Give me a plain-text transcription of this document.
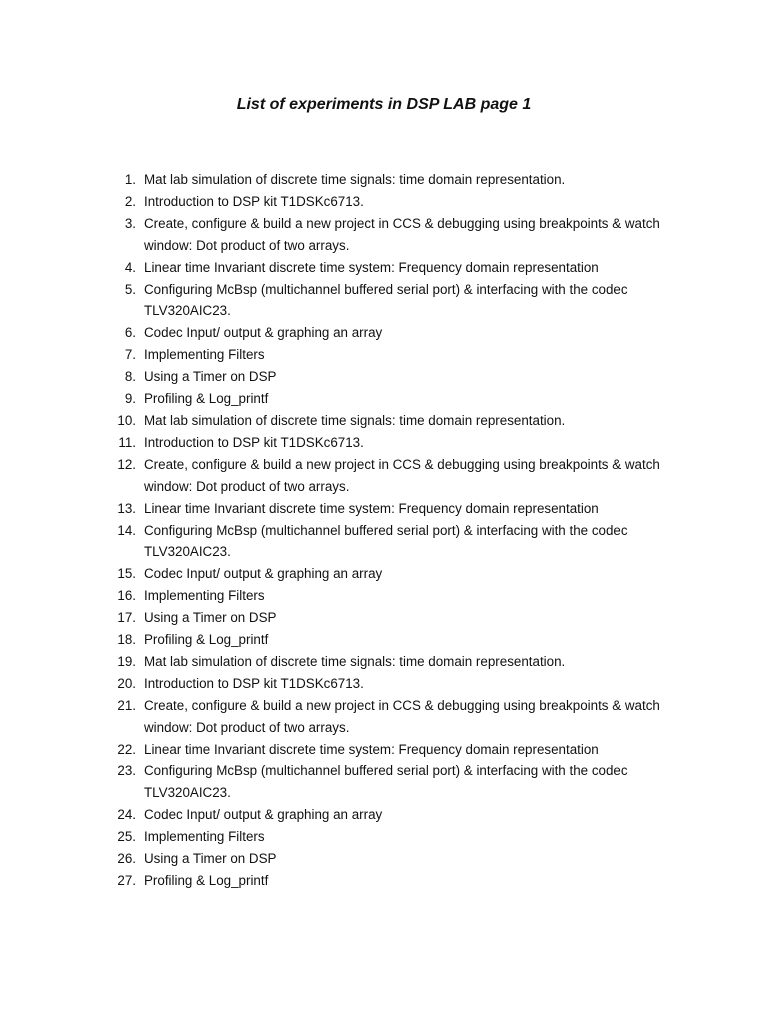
List of experiments in DSP LAB page 1
1. Mat lab simulation of discrete time signals: time domain representation.
2. Introduction to DSP kit T1DSKc6713.
3. Create, configure & build a new project in CCS & debugging using breakpoints & watch window: Dot product of two arrays.
4. Linear time Invariant discrete time system: Frequency domain representation
5. Configuring McBsp (multichannel buffered serial port) & interfacing with the codec TLV320AIC23.
6. Codec Input/ output & graphing an array
7. Implementing Filters
8. Using a Timer on DSP
9. Profiling & Log_printf
10. Mat lab simulation of discrete time signals: time domain representation.
11. Introduction to DSP kit T1DSKc6713.
12. Create, configure & build a new project in CCS & debugging using breakpoints & watch window: Dot product of two arrays.
13. Linear time Invariant discrete time system: Frequency domain representation
14. Configuring McBsp (multichannel buffered serial port) & interfacing with the codec TLV320AIC23.
15. Codec Input/ output & graphing an array
16. Implementing Filters
17. Using a Timer on DSP
18. Profiling & Log_printf
19. Mat lab simulation of discrete time signals: time domain representation.
20. Introduction to DSP kit T1DSKc6713.
21. Create, configure & build a new project in CCS & debugging using breakpoints & watch window: Dot product of two arrays.
22. Linear time Invariant discrete time system: Frequency domain representation
23. Configuring McBsp (multichannel buffered serial port) & interfacing with the codec TLV320AIC23.
24. Codec Input/ output & graphing an array
25. Implementing Filters
26. Using a Timer on DSP
27. Profiling & Log_printf
